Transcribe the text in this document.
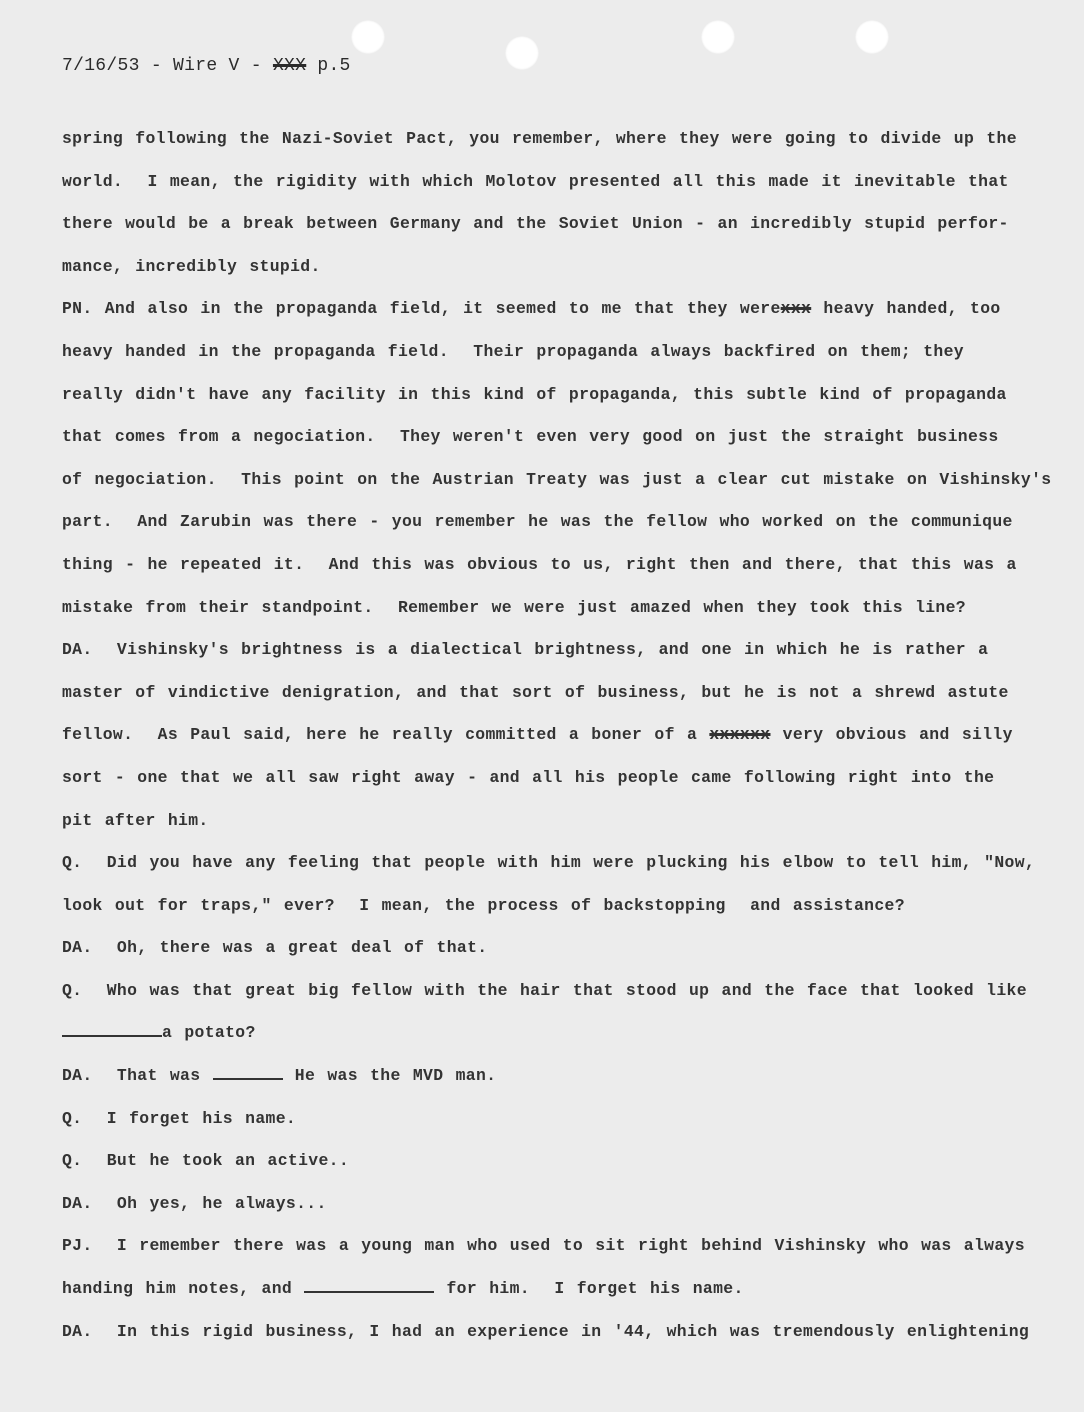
7/16/53 - Wire V - XXX p.5

spring following the Nazi-Soviet Pact, you remember, where they were going to divide up the

world.  I mean, the rigidity with which Molotov presented all this made it inevitable that

there would be a break between Germany and the Soviet Union - an incredibly stupid perfor-

mance, incredibly stupid.

PN. And also in the propaganda field, it seemed to me that they werexxx heavy handed, too

heavy handed in the propaganda field.  Their propaganda always backfired on them; they

really didn't have any facility in this kind of propaganda, this subtle kind of propaganda

that comes from a negociation.  They weren't even very good on just the straight business

of negociation.  This point on the Austrian Treaty was just a clear cut mistake on Vishinsky's

part.  And Zarubin was there - you remember he was the fellow who worked on the communique

thing - he repeated it.  And this was obvious to us, right then and there, that this was a

mistake from their standpoint.  Remember we were just amazed when they took this line?

DA.  Vishinsky's brightness is a dialectical brightness, and one in which he is rather a

master of vindictive denigration, and that sort of business, but he is not a shrewd astute

fellow.  As Paul said, here he really committed a boner of a xxxxxx very obvious and silly

sort - one that we all saw right away - and all his people came following right into the

pit after him.

Q.  Did you have any feeling that people with him were plucking his elbow to tell him, "Now,

look out for traps," ever?  I mean, the process of backstopping  and assistance?

DA.  Oh, there was a great deal of that.

Q.  Who was that great big fellow with the hair that stood up and the face that looked like

a potato?

DA.  That was	He was the MVD man.

Q.  I forget his name.

Q.  But he took an active..

DA.  Oh yes, he always...

PJ.  I remember there was a young man who used to sit right behind Vishinsky who was always

handing him notes, and	for him.  I forget his name.

DA.  In this rigid business, I had an experience in '44, which was tremendously enlightening
